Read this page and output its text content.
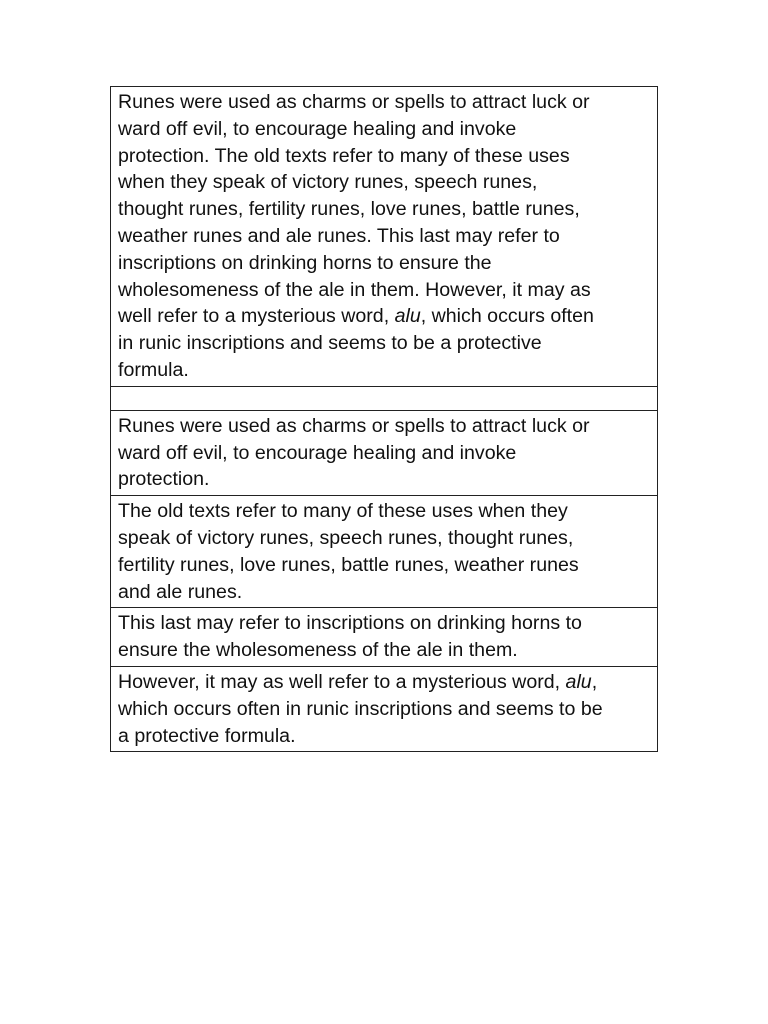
Runes were used as charms or spells to attract luck or
ward off evil, to encourage healing and invoke
protection. The old texts refer to many of these uses
when they speak of victory runes, speech runes,
thought runes, fertility runes, love runes, battle runes,
weather runes and ale runes. This last may refer to
inscriptions on drinking horns to ensure the
wholesomeness of the ale in them. However, it may as
well refer to a mysterious word, alu, which occurs often
in runic inscriptions and seems to be a protective
formula.

Runes were used as charms or spells to attract luck or
ward off evil, to encourage healing and invoke
protection.

The old texts refer to many of these uses when they
speak of victory runes, speech runes, thought runes,
fertility runes, love runes, battle runes, weather runes
and ale runes.

This last may refer to inscriptions on drinking horns to
ensure the wholesomeness of the ale in them.

However, it may as well refer to a mysterious word, alu,
which occurs often in runic inscriptions and seems to be
a protective formula.
